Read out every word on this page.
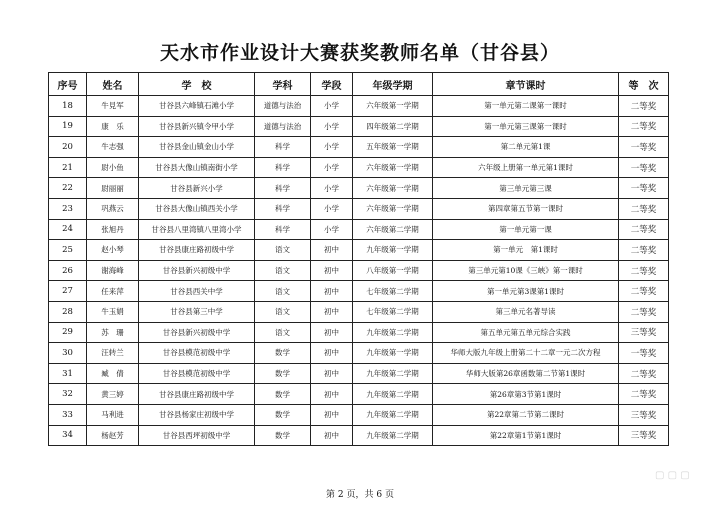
天水市作业设计大赛获奖教师名单（甘谷县）
序号	姓名	学　校	学科	学段	年级学期	章节课时	等　次
18	牛見军	甘谷县六峰镇石滩小学	道德与法治	小学	六年级第一学期	第一单元第二课第一课时	二等奖
19	康　乐	甘谷县新兴镇令甲小学	道德与法治	小学	四年级第二学期	第一单元第三课第一课时	二等奖
20	牛志强	甘谷县金山镇金山小学	科学	小学	五年级第一学期	第二单元第1课	一等奖
21	尉小鱼	甘谷县大像山镇南街小学	科学	小学	六年级第一学期	六年级上册第一单元第1课时	一等奖
22	尉丽丽	甘谷县新兴小学	科学	小学	六年级第一学期	第三单元第三课	一等奖
23	巩燕云	甘谷县大像山镇西关小学	科学	小学	六年级第一学期	第四章第五节第一课时	二等奖
24	张旭丹	甘谷县八里湾镇八里湾小学	科学	小学	六年级第二学期	第一单元第一课	二等奖
25	赵小琴	甘谷县康庄路初级中学	语文	初中	九年级第一学期	第一单元　第1课时	二等奖
26	谢海峰	甘谷县新兴初级中学	语文	初中	八年级第一学期	第三单元第10课《三峡》第一课时	二等奖
27	任来萍	甘谷县西关中学	语文	初中	七年级第二学期	第一单元第3课第1课时	二等奖
28	牛玉娟	甘谷县第三中学	语文	初中	七年级第二学期	第三单元名著导读	二等奖
29	苏　珊	甘谷县新兴初级中学	语文	初中	九年级第二学期	第五单元第五单元综合实践	三等奖
30	汪转兰	甘谷县模范初级中学	数学	初中	九年级第一学期	华师大版九年级上册第二十二章一元二次方程	一等奖
31	臧　倩	甘谷县模范初级中学	数学	初中	九年级第二学期	华师大版第26章函数第二节第1课时	二等奖
32	黄三婷	甘谷县康庄路初级中学	数学	初中	九年级第二学期	第26章第3节第1课时	二等奖
33	马利进	甘谷县杨家庄初级中学	数学	初中	九年级第二学期	第22章第二节第二课时	三等奖
34	杨赵芳	甘谷县西坪初级中学	数学	初中	九年级第二学期	第22章第1节第1课时	三等奖
第 2 页，共 6 页
▢ ▢ ▢
